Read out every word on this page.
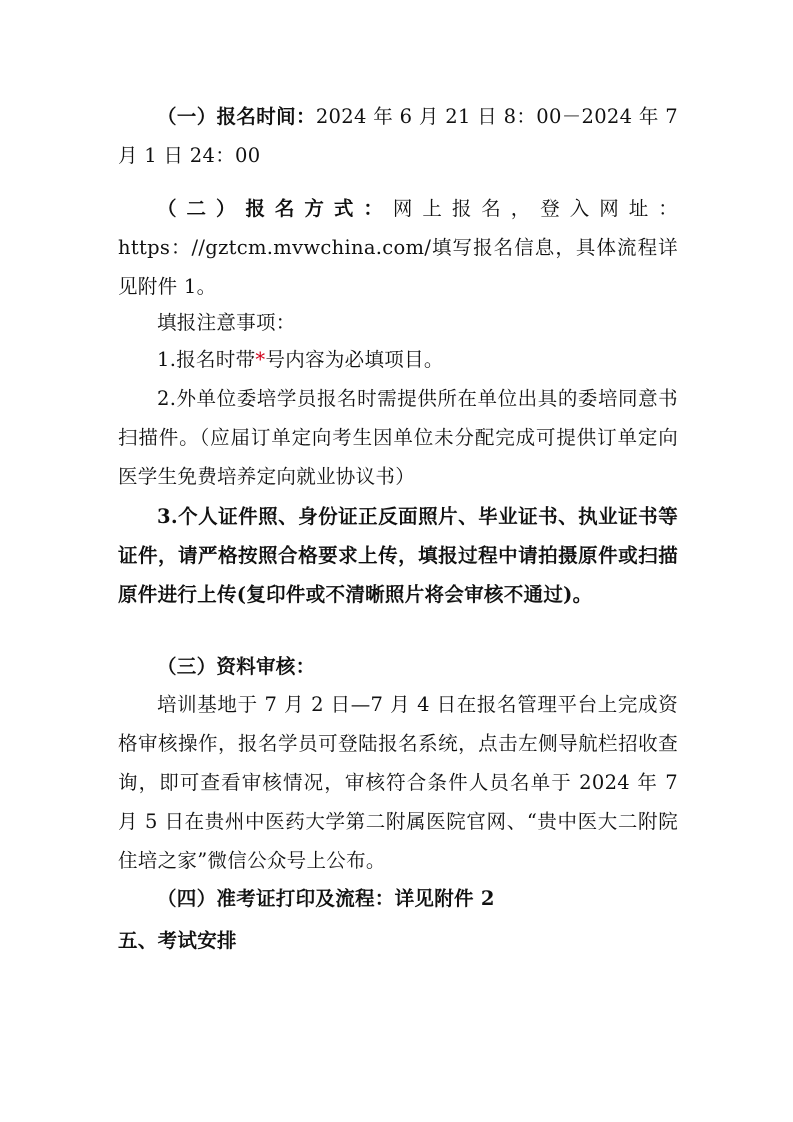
（一）报名时间：2024 年 6 月 21 日 8：00－2024 年 7 月 1 日 24：00

（二）报名方式：网上报名，登入网址：https：//gztcm.mvwchina.com/填写报名信息，具体流程详见附件 1。

填报注意事项：

1.报名时带*号内容为必填项目。

2.外单位委培学员报名时需提供所在单位出具的委培同意书扫描件。（应届订单定向考生因单位未分配完成可提供订单定向医学生免费培养定向就业协议书）

3.个人证件照、身份证正反面照片、毕业证书、执业证书等证件，请严格按照合格要求上传，填报过程中请拍摄原件或扫描原件进行上传(复印件或不清晰照片将会审核不通过)。

（三）资料审核：

培训基地于 7 月 2 日—7 月 4 日在报名管理平台上完成资格审核操作，报名学员可登陆报名系统，点击左侧导航栏招收查询，即可查看审核情况，审核符合条件人员名单于 2024 年 7 月 5 日在贵州中医药大学第二附属医院官网、“贵中医大二附院住培之家”微信公众号上公布。

（四）准考证打印及流程：详见附件 2

五、考试安排
